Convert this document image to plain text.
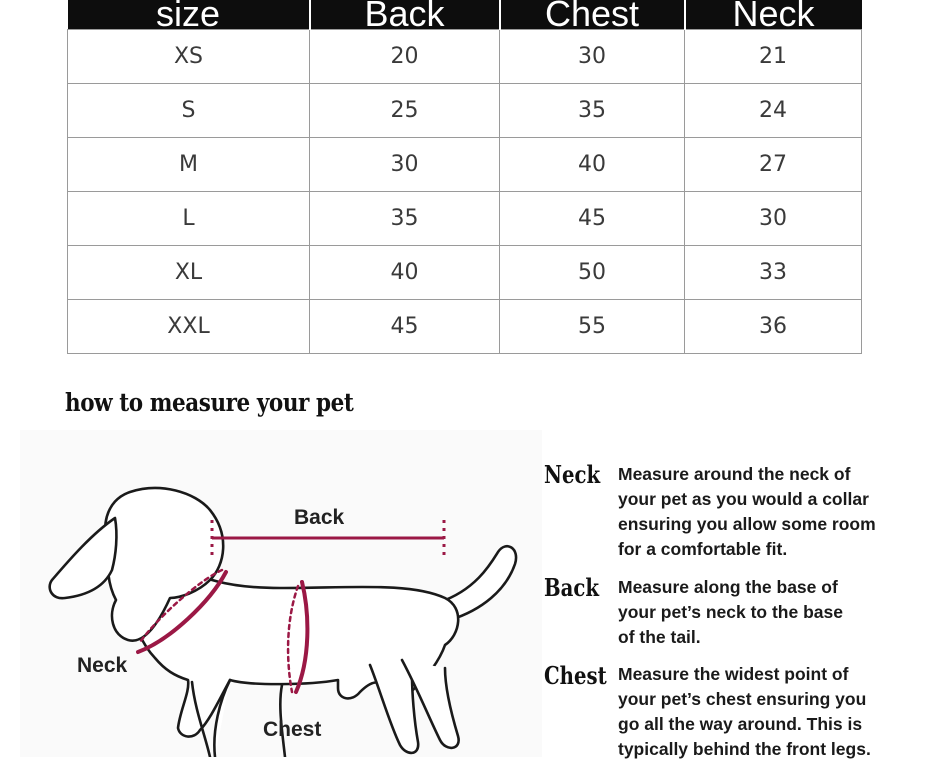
size	Back	Chest	Neck
XS	20	30	21
S	25	35	24
M	30	40	27
L	35	45	30
XL	40	50	33
XXL	45	55	36
how to measure your pet
Back
Neck
Chest

Neck Measure around the neck of
your pet as you would a collar
ensuring you allow some room
for a comfortable fit.

Back Measure along the base of
your pet’s neck to the base
of the tail.

Chest Measure the widest point of
your pet’s chest ensuring you
go all the way around. This is
typically behind the front legs.
